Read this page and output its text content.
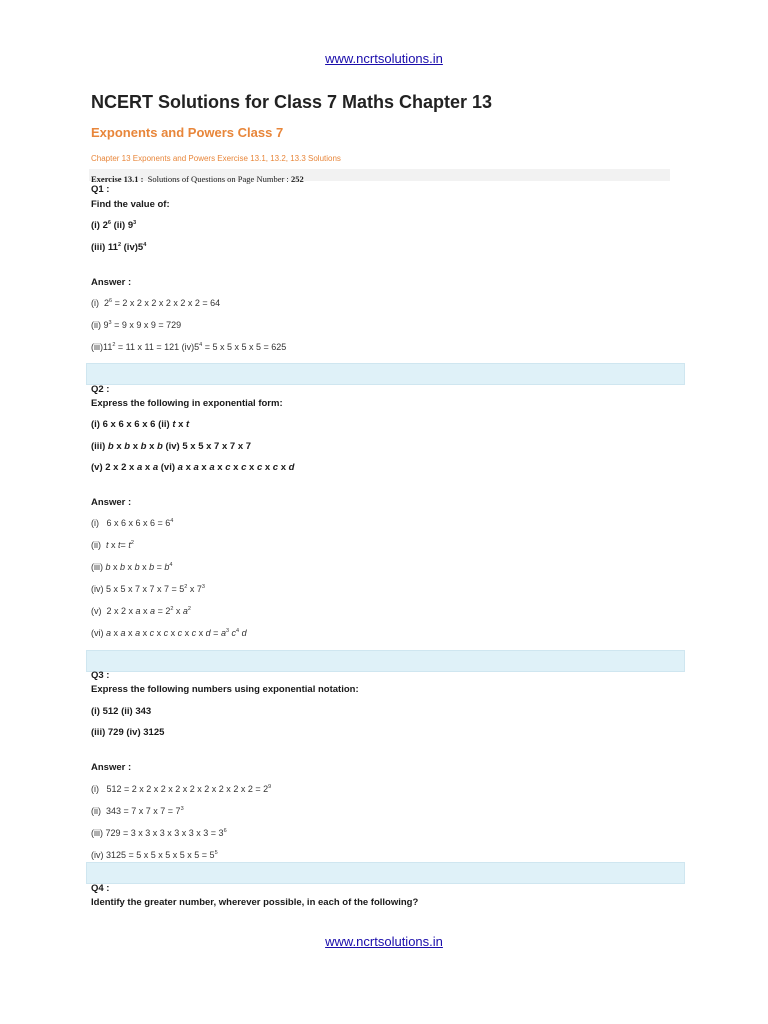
www.ncrtsolutions.in
NCERT Solutions for Class 7 Maths Chapter 13
Exponents and Powers Class 7
Chapter 13 Exponents and Powers Exercise 13.1, 13.2, 13.3 Solutions
Exercise 13.1 : Solutions of Questions on Page Number : 252
Q1 :
Find the value of:
(i) $2^6$ (ii) $9^3$
(iii) $11^2$ $(iv)5^4$
Answer :
(i)  $2^6 = 2$ x 2 x 2 x 2 x 2 x 2 = 64
(ii) $9^3 = 9$ x 9 x 9 = 729
$(iii)11^2 = 11$ x 11 = 121 $(iv)5^4 = 5$ x 5 x 5 x 5 = 625
Q2 :
Express the following in exponential form:
(i) 6 x 6 x 6 x 6 (ii) t x t
(iii) b x b x b x b (iv) 5 x 5 x 7 x 7 x 7
(v) 2 x 2 x a x a (vi) a x a x a x c x c x c x c x d
Answer :
(i)   6 x 6 x 6 x $6 = 6^4$
(ii)  t x $t= t^2$
(iii) b x b x b x $b = b^4$
(iv) 5 x 5 x 7 x 7 x $7 = 5^2$ x $7^3$
(v)  2 x 2 x a x $a = 2^2$ x $a^2$
(vi) a x a x a x c x c x c x c x $d = a^3$ $c^4$ d
Q3 :
Express the following numbers using exponential notation:
(i) 512 (ii) 343
(iii) 729 (iv) 3125
Answer :
(i)   512 = 2 x 2 x 2 x 2 x 2 x 2 x 2 x 2 x $2 = 2^9$
(ii)  343 = 7 x 7 x $7 = 7^3$
(iii) 729 = 3 x 3 x 3 x 3 x 3 x $3 = 3^6$
(iv) 3125 = 5 x 5 x 5 x 5 x $5 = 5^5$
Q4 :
Identify the greater number, wherever possible, in each of the following?
www.ncrtsolutions.in
